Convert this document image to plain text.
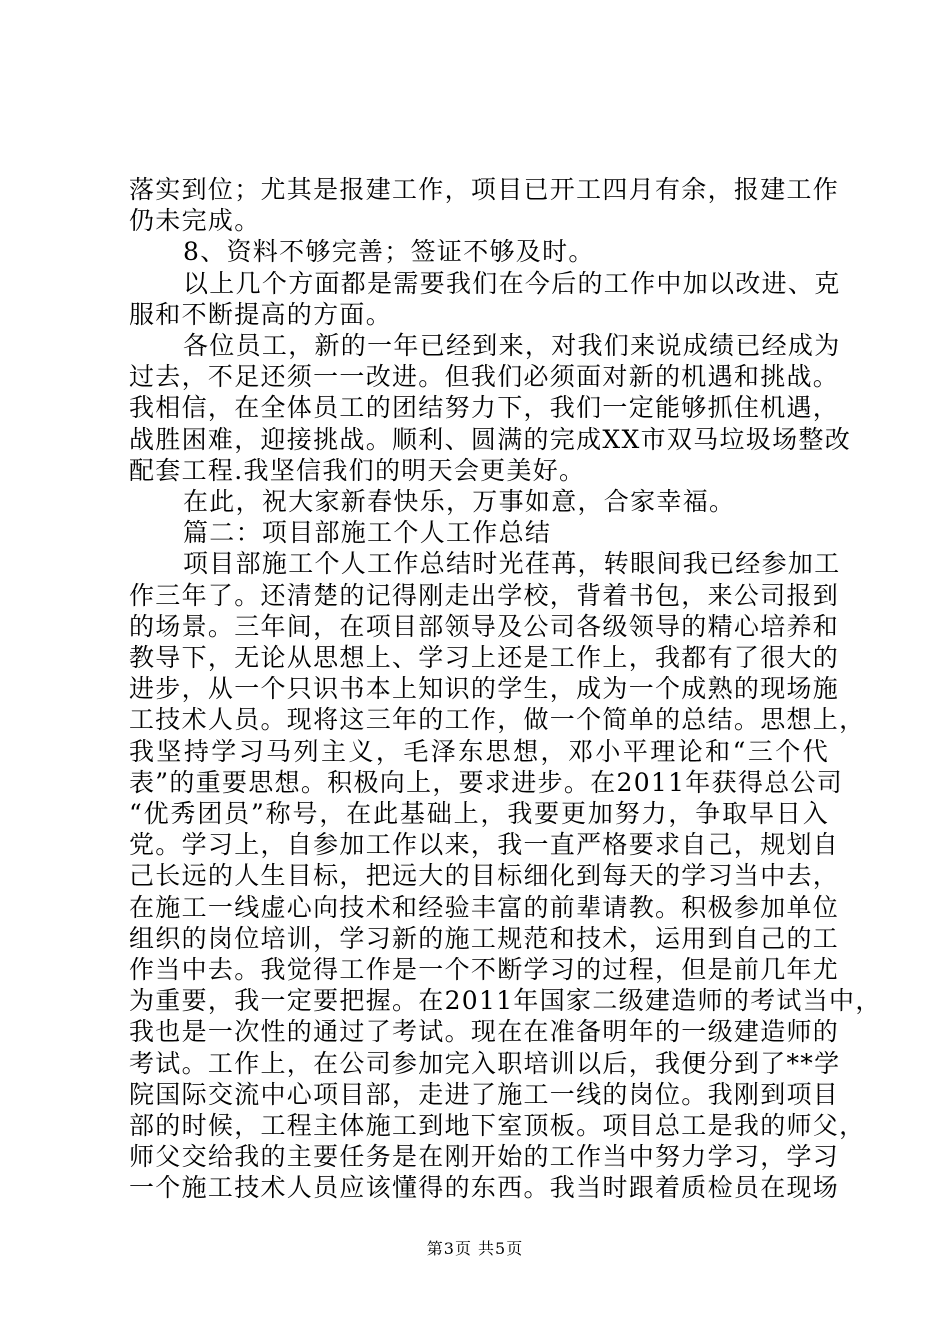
落实到位；尤其是报建工作，项目已开工四月有余，报建工作
仍未完成。
8、资料不够完善；签证不够及时。
以上几个方面都是需要我们在今后的工作中加以改进、克
服和不断提高的方面。
各位员工，新的一年已经到来，对我们来说成绩已经成为
过去，不足还须一一改进。但我们必须面对新的机遇和挑战。
我相信，在全体员工的团结努力下，我们一定能够抓住机遇，
战胜困难，迎接挑战。顺利、圆满的完成XX市双马垃圾场整改
配套工程.我坚信我们的明天会更美好。
在此，祝大家新春快乐，万事如意，合家幸福。
篇二：项目部施工个人工作总结
项目部施工个人工作总结时光荏苒，转眼间我已经参加工
作三年了。还清楚的记得刚走出学校，背着书包，来公司报到
的场景。三年间，在项目部领导及公司各级领导的精心培养和
教导下，无论从思想上、学习上还是工作上，我都有了很大的
进步，从一个只识书本上知识的学生，成为一个成熟的现场施
工技术人员。现将这三年的工作，做一个简单的总结。思想上，
我坚持学习马列主义，毛泽东思想，邓小平理论和“三个代
表”的重要思想。积极向上，要求进步。在2011年获得总公司
“优秀团员”称号，在此基础上，我要更加努力，争取早日入
党。学习上，自参加工作以来，我一直严格要求自己，规划自
己长远的人生目标，把远大的目标细化到每天的学习当中去，
在施工一线虚心向技术和经验丰富的前辈请教。积极参加单位
组织的岗位培训，学习新的施工规范和技术，运用到自己的工
作当中去。我觉得工作是一个不断学习的过程，但是前几年尤
为重要，我一定要把握。在2011年国家二级建造师的考试当中，
我也是一次性的通过了考试。现在在准备明年的一级建造师的
考试。工作上，在公司参加完入职培训以后，我便分到了**学
院国际交流中心项目部，走进了施工一线的岗位。我刚到项目
部的时候，工程主体施工到地下室顶板。项目总工是我的师父，
第3页 共5页
师父交给我的主要任务是在刚开始的工作当中努力学习，学习
一个施工技术人员应该懂得的东西。我当时跟着质检员在现场
